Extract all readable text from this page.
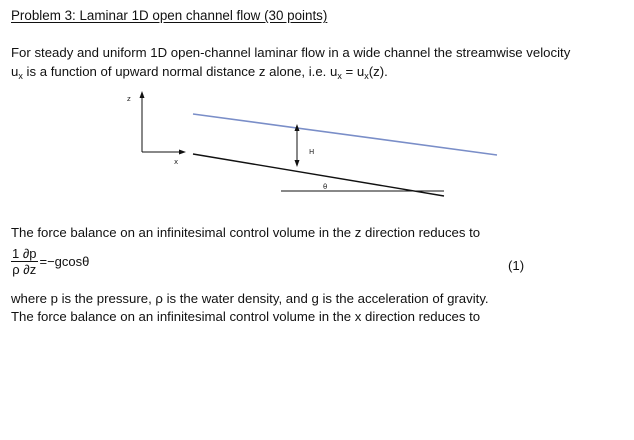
Problem 3: Laminar 1D open channel flow (30 points)
For steady and uniform 1D open-channel laminar flow in a wide channel the streamwise velocity
$u_x$ is a function of upward normal distance z alone, i.e. $u_x = u_x(z)$.
z
x
H
θ
The force balance on an infinitesimal control volume in the z direction reduces to
$\frac{1 \partial p}{\rho \partial z} =-gcos\theta$	(1)
where p is the pressure, ρ is the water density, and g is the acceleration of gravity.
The force balance on an infinitesimal control volume in the x direction reduces to
